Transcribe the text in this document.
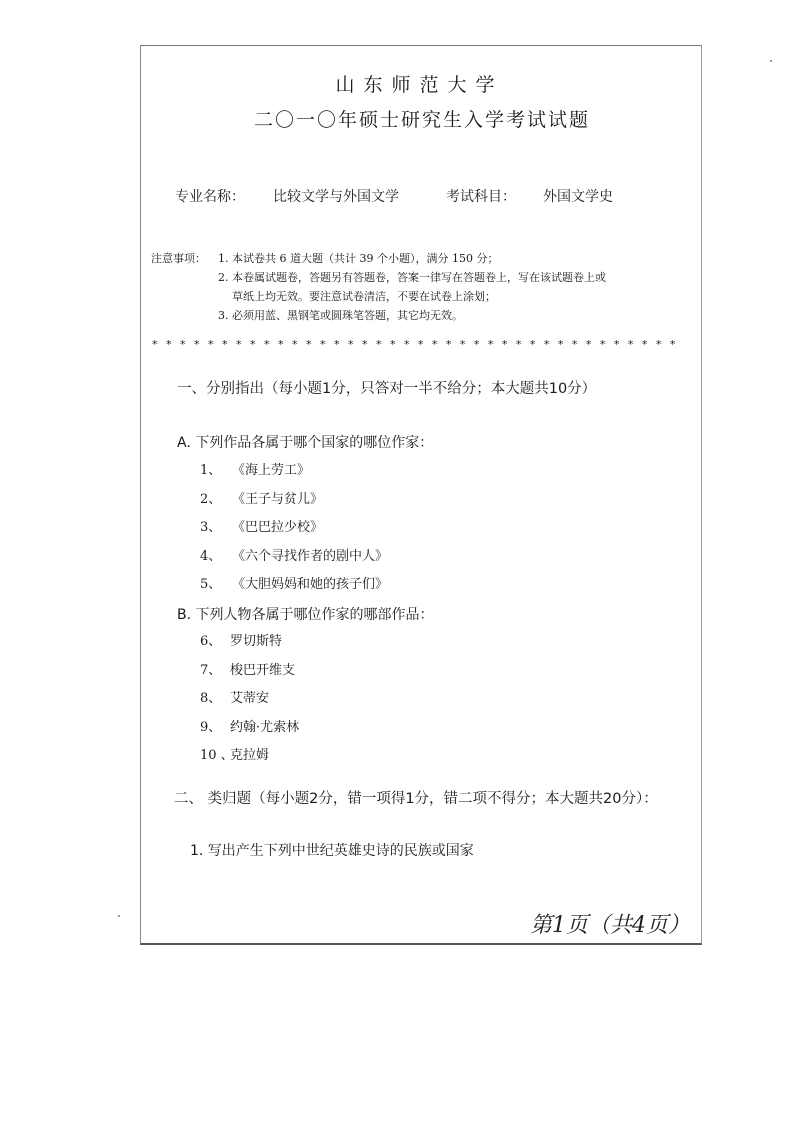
山东师范大学
二〇一〇年硕士研究生入学考试试题
专业名称： 比较文学与外国文学	考试科目： 外国文学史
注意事项： 1. 本试卷共 6 道大题（共计 39 个小题），满分 150 分；
2. 本卷属试题卷，答题另有答题卷，答案一律写在答题卷上，写在该试题卷上或
草纸上均无效。要注意试卷清洁，不要在试卷上涂划；
3. 必须用蓝、黑钢笔或圆珠笔答题，其它均无效。
* * * * * * * * * * * * * * * * * * * * * * * * * * * * * * * * * * * * * *
一、分别指出（每小题1分，只答对一半不给分；本大题共10分）
A. 下列作品各属于哪个国家的哪位作家：
1、 《海上劳工》
2、 《王子与贫儿》
3、 《巴巴拉少校》
4、 《六个寻找作者的剧中人》
5、 《大胆妈妈和她的孩子们》
B. 下列人物各属于哪位作家的哪部作品：
6、 罗切斯特
7、 梭巴开维支
8、 艾蒂安
9、 约翰·尤索林
10 、
克拉姆
二、 类归题（每小题2分，错一项得1分，错二项不得分；本大题共20分）：
1. 写出产生下列中世纪英雄史诗的民族或国家
第1页（共4页）
